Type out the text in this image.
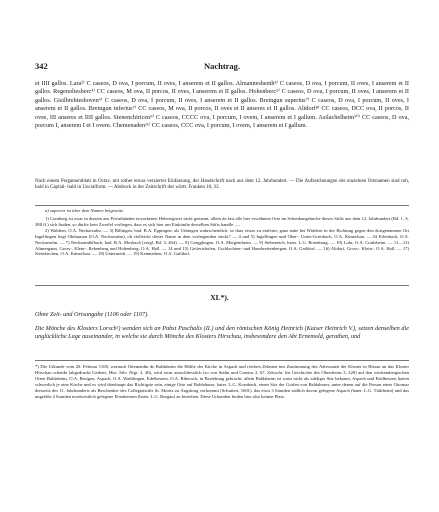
342	Nachtrag.

et IIII gallos. Lara²⁾ C caseos, D ova, I porcum, II oves, I anserem et II gallos. Almanneshenth³⁾ C caseos, D ova, I porcum, II oves, I anserem et II gallos. Regenoltesberc⁴⁾ CC caseos, M ova, II porcos, II oves, I anserem et II gallos. Hohenberc⁵⁾ C caseos, D ova, I porcum, II oves, I anserem et II gallos. Gisilbrehteshoven⁶⁾ C caseos, D ova, I porcum, II oves, I anserem et II gallos. Breingun superius⁷⁾ C caseos, D ova, I porcum, II oves, I anserem et II gallos. Breingun inferius⁷⁾ CC caseos, M ova, II porcos, II oves et II anseres et II gallos. Altdorf⁸⁾ CC caseos, DCC ova, II porcos, II oves, III anseres et IIII gallos. Stenenchiricen⁹⁾ C caseos, CCCC ova, I porcum, I ovem, I anserem et I gallum. Asilachelheim¹⁰⁾ CC caseos, D ova, porcum I, anserem I et I ovem. Chemenaden¹¹⁾ CC caseos, CCC ova, I porcum, I ovem, I anserem et I gallum.

Nach einem Pergamentblatt in Octav, mit rother etwas verzierter Einfassung, der Handschrift nach aus dem 12. Jahrhundert. — Die Aufzeichnungen der einzelnen Ortsnamen sind roh, bald in Capital- bald in Uncialform. — Abdruck in der Zeitschrift des württ. Franken 10, 32.

a) superior ist über dem Namen beigesetzt.

1) Comburg ist zwar in diesem aus Privathänden erworbenen Heberegister nicht genannt, allein da fast alle hier erwähnten Orte im Schenkungsbuche dieses Stifts aus dem 12. Jahrhundert (Bd. 1, S. 388 ff.) sich finden, so dürfte kein Zweifel vorliegen, dass es sich hier um Einkünfte desselben Stifts handle. —

2) Waldern, O.A. Neckarsulm. — 3) Billingen, bad. B.A. Eppingen; als Urbingen wahrscheinlich, so dass etwas zu entfernt; ganz nahe bei Widdern in der Richtung gegen den dortgenannten Ort Ingelfingen liegt Olnhausen (O.A. Neckarsulm), ob vielleicht dieser Name in dem vorliegenden steckt? — 4 und 5) Ingelfingen und Ober-, Unter-Griesbach, O.A. Künzelsau. — 6) Erlenbach, O.A. Neckarsulm. — 7) Neckarmühlbach, bad. B.A. Mosbach (vergl. Bd. 3, 464). — 8) Gregglingen, O.A. Mergentheim. — 9) Siebeneich, baier. L.G. Rotenburg. — 10) Lohr, O.A. Crailsheim. — 11—13) Altmergann, Gross-, Klein-, Rebenberg und Hohenberg, O.A. Hall. — 14 und 15) Geifertshofen, Gschlachten- und Hausbreitenbergen, O.A. Gaildorf. — 16) Altdorf, Gross-, Klein-, O.A. Hall. — 17) Steinkirchen, O.A. Künzelsau. — 18) Unterniedt. — 19) Kemnathen, O.A. Gaildorf.

XL*).
Ohne Zeit- und Ortsangabe (1106 oder 1107).

Die Mönche des Klosters Lorsch¹) wenden sich an Pabst Paschalis (II.) und den römischen König Heinrich (Kaiser Heinrich V.), setzen denselben die unglückliche Lage auseinander, in welche sie durch Mönche des Klosters Hirschau, insbesondere den Abt Ernemold, gerathen, und

*) Die Urkunde vom 26. Februar 1108, wornach Ottemaidin de Baldaheim die Hälfte der Kirche in Aspach und reichen Zehnten mit Zustimmung des Adressaten der Kloster in Hirsau an das Kloster Hirschau schenkt (abgedruckt Gerbert, Hist. Silv. Nigr. 3, 40), wird zwar ausschliesslich (so von Stälin und Crusius 2, 67, Zeitschr. für Geschichte des Oberrheins 3, 220) auf den württembergischen Orten Baldaheim, O.A. Besigen, Aspach, O.A. Waiblingen, Edelbeuren, O.A. Biberach, in Beziehung gebracht; allein Baldaheim ist sonst nicht als adeliger Sitz bekannt, Aspach und Edelbeuren hatten schwerlich je eine Kirche und es wird überhaupt das Richtigste sein, einige Orte auf Baldahuser, baier. L.G. Kornbach, einen Sitz der Grafen von Baldahuser, unter denen auf die Person eines Ottomar diesseits des 11. Jahrhunderts als Beschenker des Collegiatstifts St. Moritz zu Augsburg vorkommt (Schuttert, 1601), das etwa 3 Stunden südlich davon gelegene Aspach (baier. L.G. Türkheim) und das ungefähr 4 Stunden nordwestlich gelegene Ettenbeuren (baier. L.G. Burgau) zu beziehen. Diese Urkunden finden hier also keinen Platz.
